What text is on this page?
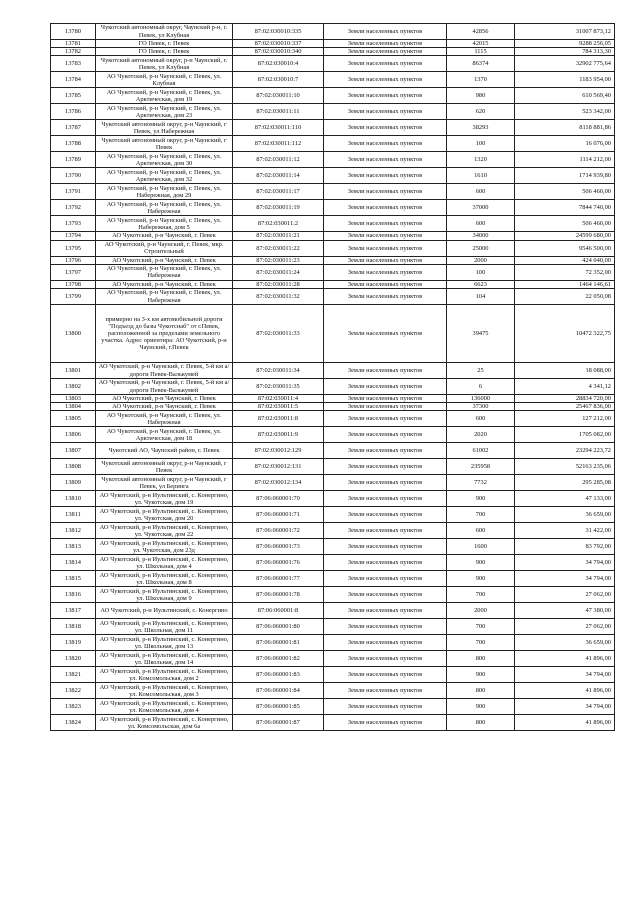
13780	Чукотский автономный округ, Чаунский р-н, г. Певек, ул Клубная	87:02:030010:335	Земли населенных пунктов	42856	31007 873,12
13781	ГО Певек, г. Певек	87:02:030010:337	Земли населенных пунктов	42015	9288 256,05
13782	ГО Певек, г. Певек	87:02:030010:340	Земли населенных пунктов	1115	784 313,30
13783	Чукотский автономный округ, р-н Чаунский, г. Певек, ул Клубная	87:02:030010:4	Земли населенных пунктов	86374	32902 775,64
13784	АО Чукотский, р-н Чаунский, г. Певек, ул. Клубная	87:02:030010:7	Земли населенных пунктов	1370	1183 954,00
13785	АО Чукотский, р-н Чаунский, г. Певек, ул. Арктическая, дом 19	87:02:030011:10	Земли населенных пунктов	980	610 569,40
13786	АО Чукотский, р-н Чаунский, г. Певек, ул. Арктическая, дом 23	87:02:030011:11	Земли населенных пунктов	620	523 342,00
13787	Чукотский автономный округ, р-н Чаунский, г Певек, ул Набережная	87:02:030011:110	Земли населенных пунктов	38293	8118 881,86
13788	Чукотский автономный округ, р-н Чаунский, г Певек	87:02:030011:112	Земли населенных пунктов	100	16 076,00
13789	АО Чукотский, р-н Чаунский, г. Певек, ул. Арктическая, дом 30	87:02:030011:12	Земли населенных пунктов	1320	1114 212,00
13790	АО Чукотский, р-н Чаунский, г. Певек, ул. Арктическая, дом 32	87:02:030011:14	Земли населенных пунктов	1610	1714 939,80
13791	АО Чукотский, р-н Чаунский, г. Певек, ул. Набережная, дом 29	87:02:030011:17	Земли населенных пунктов	600	506 460,00
13792	АО Чукотский, р-н Чаунский, г. Певек, ул. Набережная	87:02:030011:19	Земли населенных пунктов	37000	7844 740,00
13793	АО Чукотский, р-н Чаунский, г. Певек, ул. Набережная, дом 5	87:02:030011:2	Земли населенных пунктов	600	506 460,00
13794	АО Чукотский, р-н Чаунский, г. Певек	87:02:030011:21	Земли населенных пунктов	34000	24599 680,00
13795	АО Чукотский, р-н Чаунский, г. Певек, мкр. Строительный	87:02:030011:22	Земли населенных пунктов	25000	9546 500,00
13796	АО Чукотский, р-н Чаунский, г. Певек	87:02:030011:23	Земли населенных пунктов	2000	424 040,00
13797	АО Чукотский, р-н Чаунский, г. Певек, ул. Набережная	87:02:030011:24	Земли населенных пунктов	100	72 352,00
13798	АО Чукотский, р-н Чаунский, г. Певек	87:02:030011:28	Земли населенных пунктов	6623	1464 146,61
13799	АО Чукотский, р-н Чаунский, г. Певек, ул. Набережная	87:02:030011:32	Земли населенных пунктов	104	22 050,08
13800	примерно на 3-х км автомобильной дороги "Подъезд до базы Чукотснаб" от г.Певек, расположенной за пределами земельного участка. Адрес ориентира: АО Чукотский, р-н Чаунский, г.Певек	87:02:030011:33	Земли населенных пунктов	39475	10472 322,75
13801	АО Чукотский, р-н Чаунский, г. Певек, 5-й км а/дороги Певек-Валькумей	87:02:030011:34	Земли населенных пунктов	25	18 088,00
13802	АО Чукотский, р-н Чаунский, г. Певек, 5-й км а/дороги Певек-Валькумей	87:02:030011:35	Земли населенных пунктов	6	4 341,12
13803	АО Чукотский, р-н Чаунский, г. Певек	87:02:030011:4	Земли населенных пунктов	136000	28834 720,00
13804	АО Чукотский, р-н Чаунский, г. Певек	87:02:030011:5	Земли населенных пунктов	37300	25467 836,00
13805	АО Чукотский, р-н Чаунский, г. Певек, ул. Набережная	87:02:030011:8	Земли населенных пунктов	600	127 212,00
13806	АО Чукотский, р-н Чаунский, г. Певек, ул. Арктическая, дом 18	87:02:030011:9	Земли населенных пунктов	2020	1705 082,00
13807	Чукотский АО, Чаунский район, г. Певек	87:02:030012:129	Земли населенных пунктов	61002	23294 223,72
13808	Чукотский автономный округ, р-н Чаунский, г Певек	87:02:030012:131	Земли населенных пунктов	235958	52163 235,06
13809	Чукотский автономный округ, р-н Чаунский, г Певек, ул Беринга	87:02:030012:134	Земли населенных пунктов	7732	295 285,08
13810	АО Чукотский, р-н Иультинский, с. Конергино, ул. Чукотская, дом 19	87:06:060001:70	Земли населенных пунктов	900	47 133,00
13811	АО Чукотский, р-н Иультинский, с. Конергино, ул. Чукотская, дом 20	87:06:060001:71	Земли населенных пунктов	700	36 659,00
13812	АО Чукотский, р-н Иультинский, с. Конергино, ул. Чукотская, дом 22	87:06:060001:72	Земли населенных пунктов	600	31 422,00
13813	АО Чукотский, р-н Иультинский, с. Конергино, ул. Чукотская, дом 23д	87:06:060001:73	Земли населенных пунктов	1600	83 792,00
13814	АО Чукотский, р-н Иультинский, с. Конергино, ул. Школьная, дом 4	87:06:060001:76	Земли населенных пунктов	900	34 794,00
13815	АО Чукотский, р-н Иультинский, с. Конергино, ул. Школьная, дом 8	87:06:060001:77	Земли населенных пунктов	900	34 794,00
13816	АО Чукотский, р-н Иультинский, с. Конергино, ул. Школьная, дом 9	87:06:060001:78	Земли населенных пунктов	700	27 062,00
13817	АО Чукотский, р-н Иультинский, с. Конергино	87:06:060001:8	Земли населенных пунктов	2000	47 380,00
13818	АО Чукотский, р-н Иультинский, с. Конергино, ул. Школьная, дом 11	87:06:060001:80	Земли населенных пунктов	700	27 062,00
13819	АО Чукотский, р-н Иультинский, с. Конергино, ул. Школьная, дом 13	87:06:060001:81	Земли населенных пунктов	700	36 659,00
13820	АО Чукотский, р-н Иультинский, с. Конергино, ул. Школьная, дом 14	87:06:060001:82	Земли населенных пунктов	800	41 896,00
13821	АО Чукотский, р-н Иультинский, с. Конергино, ул. Комсомольская, дом 2	87:06:060001:83	Земли населенных пунктов	900	34 794,00
13822	АО Чукотский, р-н Иультинский, с. Конергино, ул. Комсомольская, дом 3	87:06:060001:84	Земли населенных пунктов	800	41 896,00
13823	АО Чукотский, р-н Иультинский, с. Конергино, ул. Комсомольская, дом 4	87:06:060001:85	Земли населенных пунктов	900	34 794,00
13824	АО Чукотский, р-н Иультинский, с. Конергино, ул. Комсомольская, дом 6а	87:06:060001:87	Земли населенных пунктов	800	41 896,00
